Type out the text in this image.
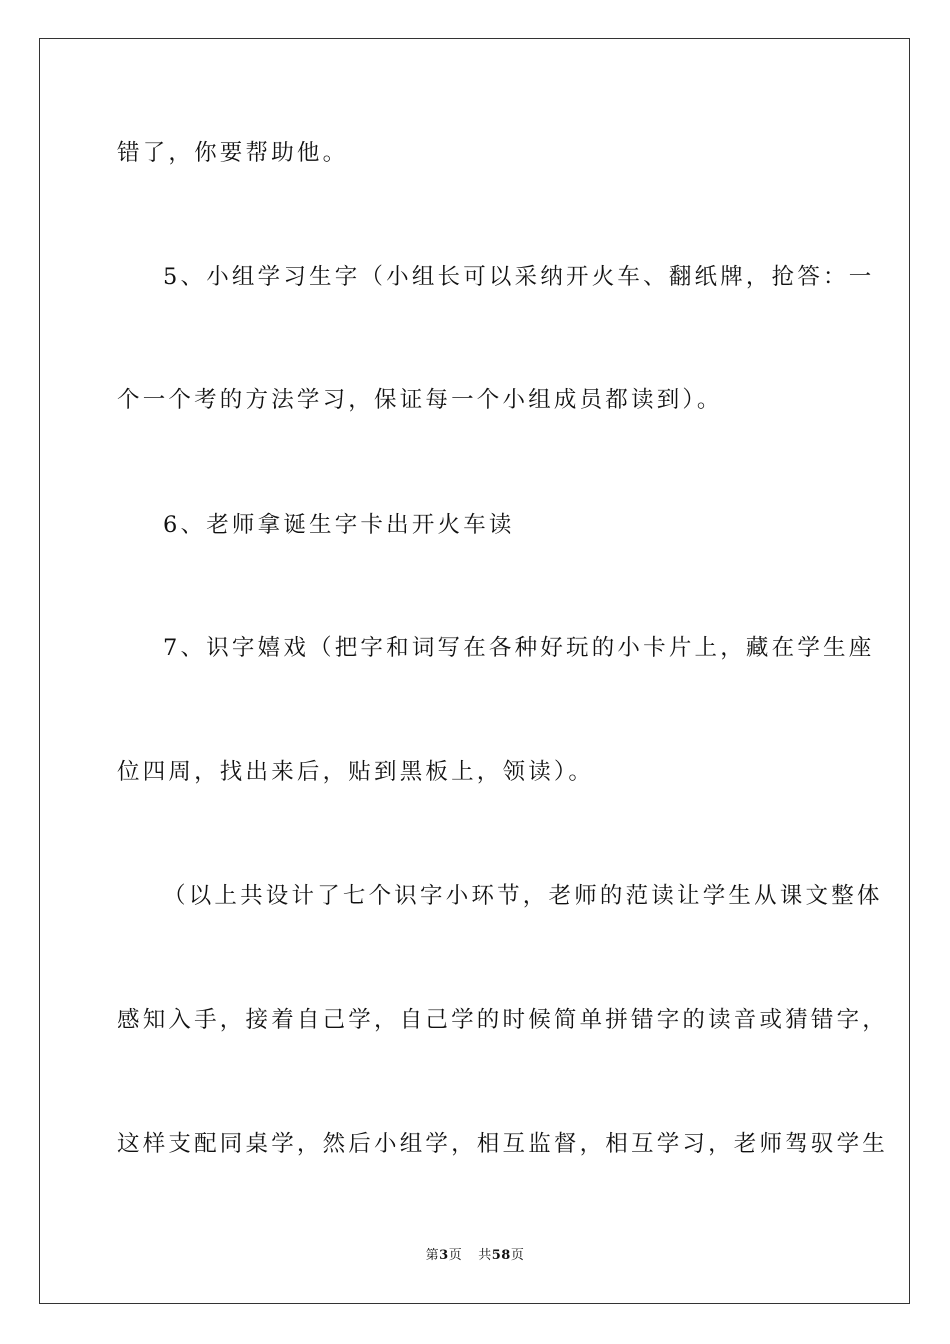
错了，你要帮助他。
5、小组学习生字（小组长可以采纳开火车、翻纸牌，抢答：一
个一个考的方法学习，保证每一个小组成员都读到）。
6、老师拿诞生字卡出开火车读
7、识字嬉戏（把字和词写在各种好玩的小卡片上，藏在学生座
位四周，找出来后，贴到黑板上，领读）。
（以上共设计了七个识字小环节，老师的范读让学生从课文整体
感知入手，接着自己学，自己学的时候简单拼错字的读音或猜错字，
这样支配同桌学，然后小组学，相互监督，相互学习，老师驾驭学生
第3页 共58页
